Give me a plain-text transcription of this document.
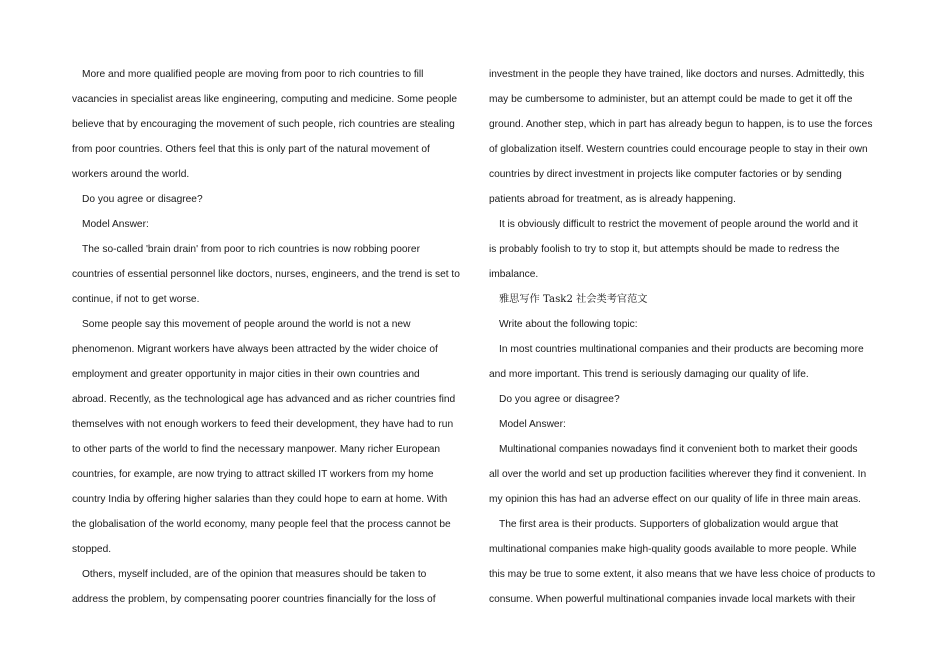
More and more qualified people are moving from poor to rich countries to fill
vacancies in specialist areas like engineering, computing and medicine. Some people
believe that by encouraging the movement of such people, rich countries are stealing
from poor countries. Others feel that this is only part of the natural movement of
workers around the world.
Do you agree or disagree?
Model Answer:
The so-called 'brain drain' from poor to rich countries is now robbing poorer
countries of essential personnel like doctors, nurses, engineers, and the trend is set to
continue, if not to get worse.
Some people say this movement of people around the world is not a new
phenomenon. Migrant workers have always been attracted by the wider choice of
employment and greater opportunity in major cities in their own countries and
abroad. Recently, as the technological age has advanced and as richer countries find
themselves with not enough workers to feed their development, they have had to run
to other parts of the world to find the necessary manpower. Many richer European
countries, for example, are now trying to attract skilled IT workers from my home
country India by offering higher salaries than they could hope to earn at home. With
the globalisation of the world economy, many people feel that the process cannot be
stopped.
Others, myself included, are of the opinion that measures should be taken to
address the problem, by compensating poorer countries financially for the loss of
investment in the people they have trained, like doctors and nurses. Admittedly, this
may be cumbersome to administer, but an attempt could be made to get it off the
ground. Another step, which in part has already begun to happen, is to use the forces
of globalization itself. Western countries could encourage people to stay in their own
countries by direct investment in projects like computer factories or by sending
patients abroad for treatment, as is already happening.
It is obviously difficult to restrict the movement of people around the world and it
is probably foolish to try to stop it, but attempts should be made to redress the
imbalance.
雅思写作 Task2 社会类考官范文
Write about the following topic:
In most countries multinational companies and their products are becoming more
and more important. This trend is seriously damaging our quality of life.
Do you agree or disagree?
Model Answer:
Multinational companies nowadays find it convenient both to market their goods
all over the world and set up production facilities wherever they find it convenient. In
my opinion this has had an adverse effect on our quality of life in three main areas.
The first area is their products. Supporters of globalization would argue that
multinational companies make high-quality goods available to more people. While
this may be true to some extent, it also means that we have less choice of products to
consume. When powerful multinational companies invade local markets with their
